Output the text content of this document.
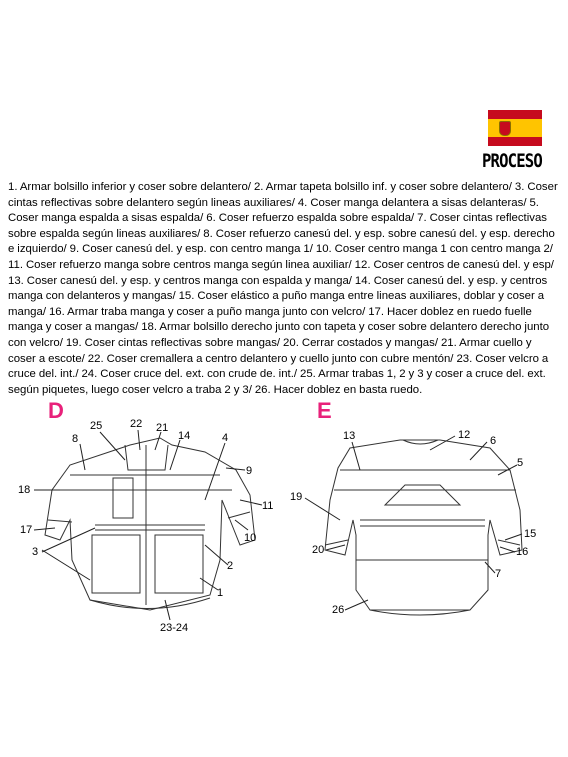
PROCESO
1. Armar bolsillo inferior y coser sobre delantero/ 2. Armar tapeta bolsillo inf. y coser sobre delantero/ 3. Coser cintas reflectivas sobre delantero según lineas auxiliares/ 4. Coser manga delantera a sisas delanteras/ 5. Coser manga espalda a sisas espalda/ 6. Coser refuerzo espalda sobre espalda/ 7. Coser cintas reflectivas sobre espalda según lineas auxiliares/ 8. Coser refuerzo canesú del. y esp. sobre canesú del. y esp. derecho e izquierdo/ 9. Coser canesú del. y esp. con centro manga 1/ 10. Coser centro manga 1 con centro manga 2/ 11. Coser refuerzo manga sobre centros manga según linea auxiliar/ 12. Coser centros de canesú del. y esp/ 13. Coser canesú del. y esp. y centros manga con espalda y manga/ 14. Coser canesú del. y esp. y centros manga con delanteros y mangas/ 15. Coser elástico a puño manga entre lineas auxiliares, doblar y coser a manga/ 16. Armar traba manga y coser a puño manga junto con velcro/ 17. Hacer doblez en ruedo fuelle manga y coser a mangas/ 18. Armar bolsillo derecho junto con tapeta y coser sobre delantero derecho junto con velcro/ 19. Coser cintas reflectivas sobre mangas/ 20. Cerrar costados y mangas/ 21. Armar cuello y coser a escote/ 22. Coser cremallera a centro delantero y cuello junto con cubre mentón/ 23. Coser velcro a cruce del. int./ 24. Coser cruce del. ext. con crude de. int./ 25. Armar trabas 1, 2 y 3 y coser a cruce del. ext. según piquetes, luego coser velcro a traba 2 y 3/ 26. Hacer doblez en basta ruedo.
D	E
25	22 21
14	4
8
9
18
11
10
17
3
2
1
23-24
13	12 6
5
19
15
20	16
7
26
